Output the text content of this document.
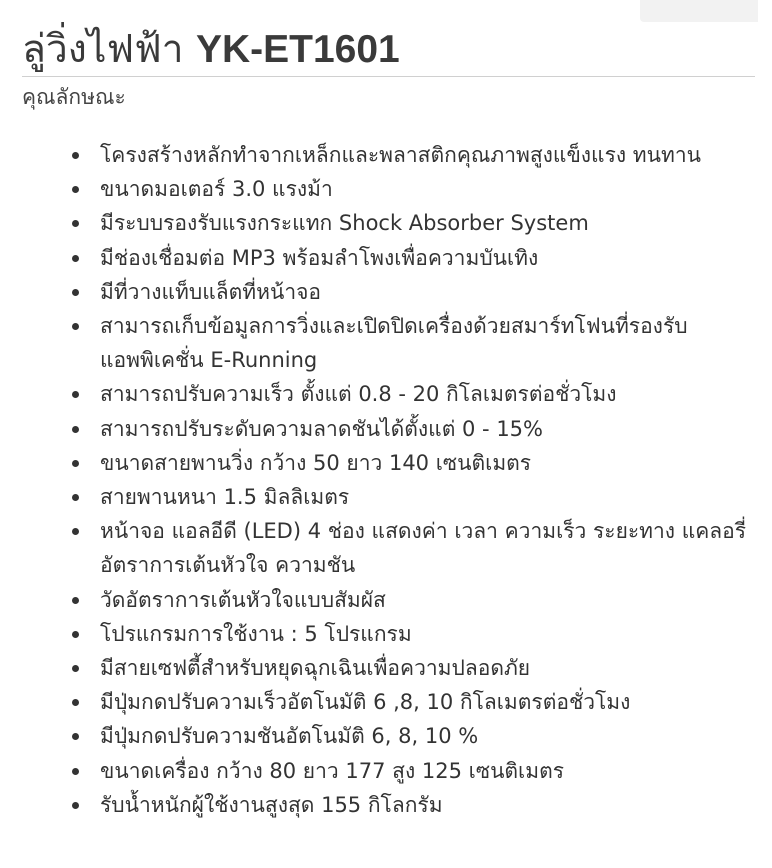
ลู่วิ่งไฟฟ้า YK-ET1601
คุณลักษณะ
โครงสร้างหลักทำจากเหล็กและพลาสติกคุณภาพสูงแข็งแรง ทนทาน
ขนาดมอเตอร์ 3.0 แรงม้า
มีระบบรองรับแรงกระแทก Shock Absorber System
มีช่องเชื่อมต่อ MP3 พร้อมลำโพงเพื่อความบันเทิง
มีที่วางแท็บแล็ตที่หน้าจอ
สามารถเก็บข้อมูลการวิ่งและเปิดปิดเครื่องด้วยสมาร์ทโฟนที่รองรับแอพพิเคชั่น E-Running
สามารถปรับความเร็ว ตั้งแต่ 0.8 - 20 กิโลเมตรต่อชั่วโมง
สามารถปรับระดับความลาดชันได้ตั้งแต่ 0 - 15%
ขนาดสายพานวิ่ง กว้าง 50 ยาว 140 เซนติเมตร
สายพานหนา 1.5 มิลลิเมตร
หน้าจอ แอลอีดี (LED) 4 ช่อง แสดงค่า เวลา ความเร็ว ระยะทาง แคลอรี่ อัตราการเต้นหัวใจ ความชัน
วัดอัตราการเต้นหัวใจแบบสัมผัส
โปรแกรมการใช้งาน : 5 โปรแกรม
มีสายเซฟตี้สำหรับหยุดฉุกเฉินเพื่อความปลอดภัย
มีปุ่มกดปรับความเร็วอัตโนมัติ 6 ,8, 10 กิโลเมตรต่อชั่วโมง
มีปุ่มกดปรับความชันอัตโนมัติ 6, 8, 10 %
ขนาดเครื่อง กว้าง 80 ยาว 177 สูง 125 เซนติเมตร
รับน้ำหนักผู้ใช้งานสูงสุด 155 กิโลกรัม
